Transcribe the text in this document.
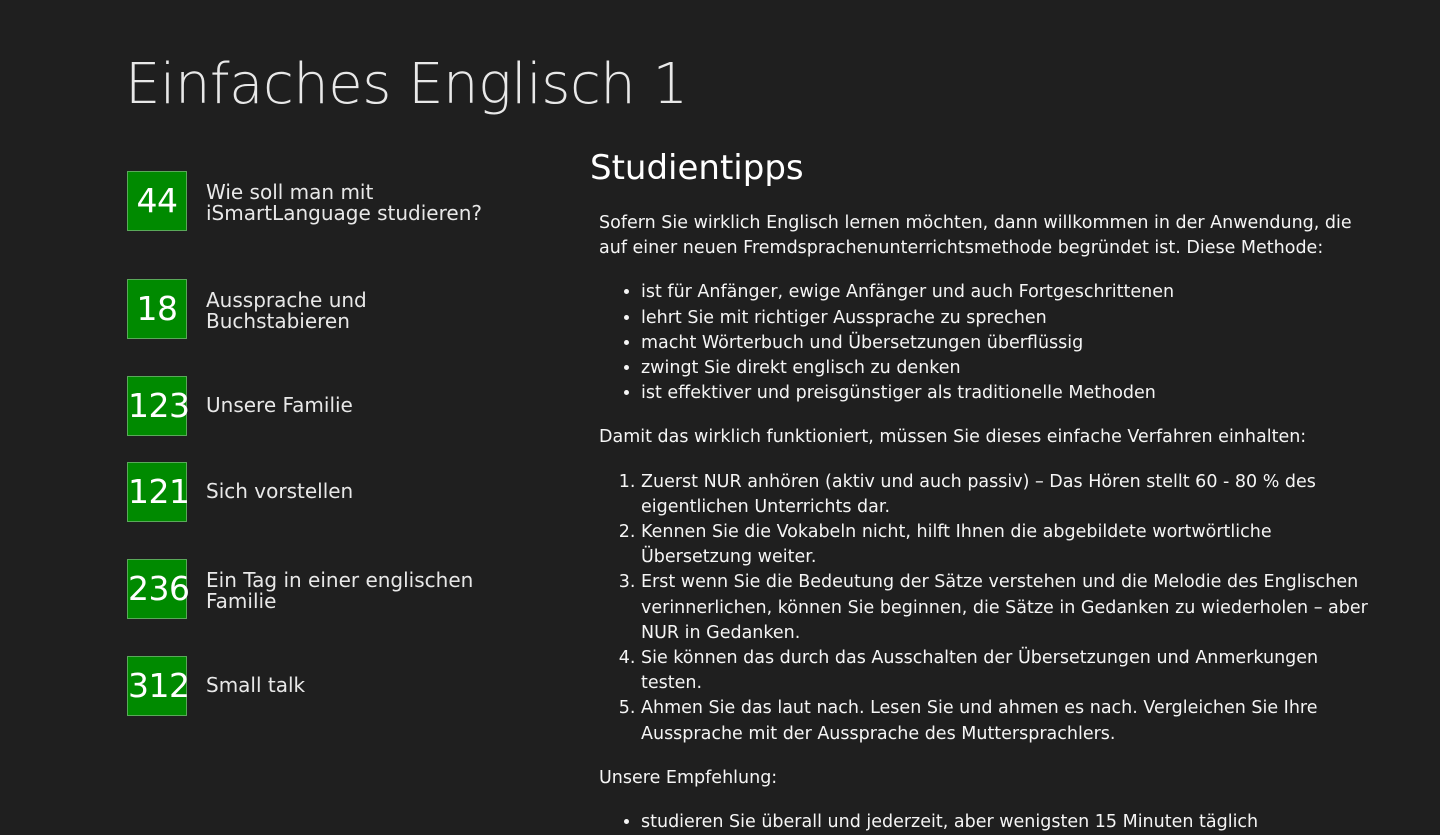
Einfaches Englisch 1
44	Wie soll man mit iSmartLanguage studieren?
18	Aussprache und Buchstabieren
123 Unsere Familie
121 Sich vorstellen
236 Ein Tag in einer englischen Familie
312 Small talk
Studientipps

Sofern Sie wirklich Englisch lernen möchten, dann willkommen in der Anwendung, die auf einer neuen Fremdsprachenunterrichtsmethode begründet ist. Diese Methode:

• ist für Anfänger, ewige Anfänger und auch Fortgeschrittenen
• lehrt Sie mit richtiger Aussprache zu sprechen
• macht Wörterbuch und Übersetzungen überflüssig
• zwingt Sie direkt englisch zu denken
• ist effektiver und preisgünstiger als traditionelle Methoden

Damit das wirklich funktioniert, müssen Sie dieses einfache Verfahren einhalten:

1. Zuerst NUR anhören (aktiv und auch passiv) – Das Hören stellt 60 - 80 % des eigentlichen Unterrichts dar.
2. Kennen Sie die Vokabeln nicht, hilft Ihnen die abgebildete wortwörtliche Übersetzung weiter.
3. Erst wenn Sie die Bedeutung der Sätze verstehen und die Melodie des Englischen verinnerlichen, können Sie beginnen, die Sätze in Gedanken zu wiederholen – aber NUR in Gedanken.
4. Sie können das durch das Ausschalten der Übersetzungen und Anmerkungen testen.
5. Ahmen Sie das laut nach. Lesen Sie und ahmen es nach. Vergleichen Sie Ihre Aussprache mit der Aussprache des Muttersprachlers.

Unsere Empfehlung:

• studieren Sie überall und jederzeit, aber wenigsten 15 Minuten täglich
